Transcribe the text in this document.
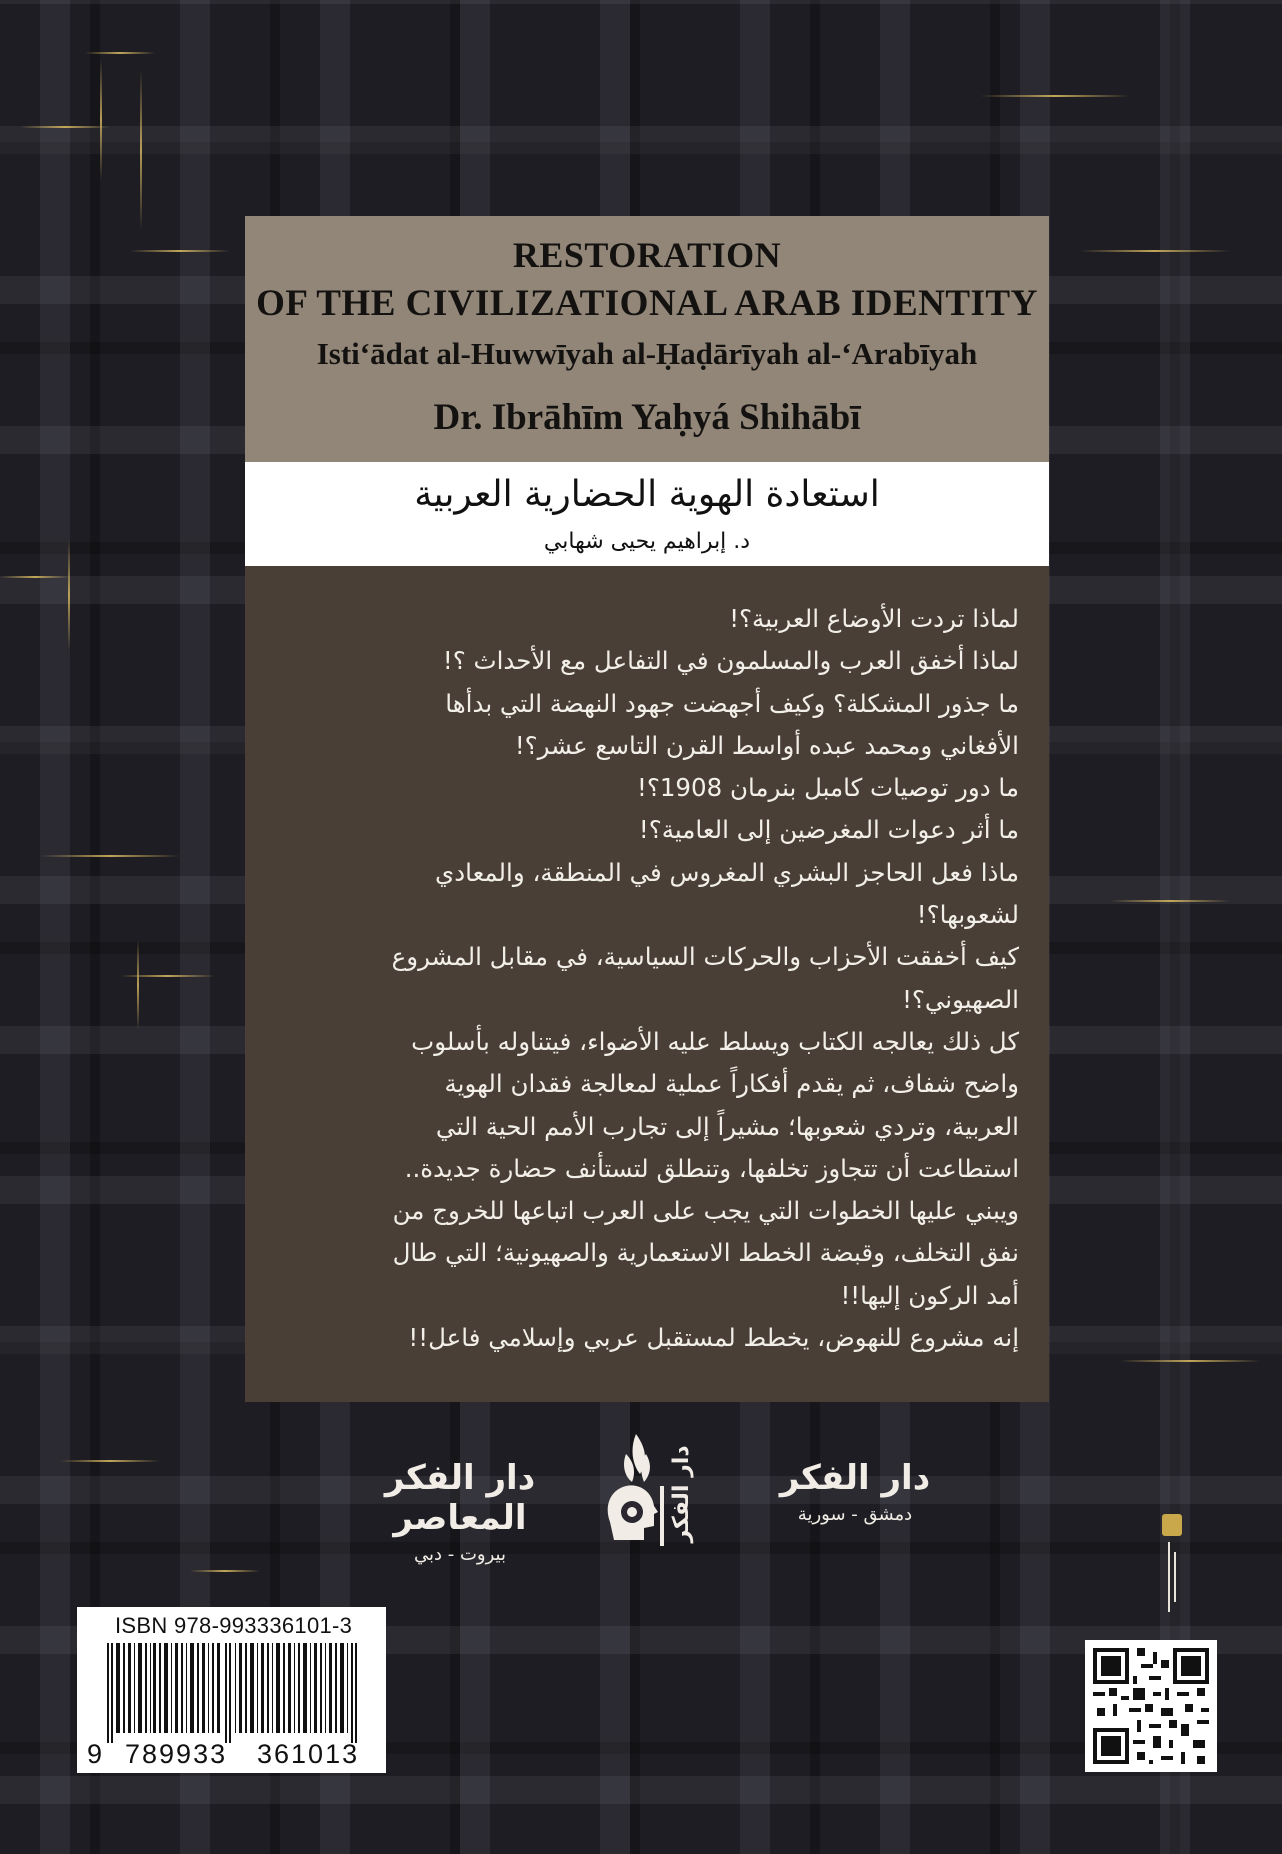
RESTORATION
OF THE CIVILIZATIONAL ARAB IDENTITY
Isti‘ādat al-Huwwīyah al-Ḥaḍārīyah al-‘Arabīyah
Dr. Ibrāhīm Yaḥyá Shihābī
استعادة الهوية الحضارية العربية
د. إبراهيم يحيى شهابي
لماذا تردت الأوضاع العربية؟!
لماذا أخفق العرب والمسلمون في التفاعل مع الأحداث ؟!
ما جذور المشكلة؟ وكيف أجهضت جهود النهضة التي بدأها
الأفغاني ومحمد عبده أواسط القرن التاسع عشر؟!
ما دور توصيات كامبل بنرمان 1908؟!
ما أثر دعوات المغرضين إلى العامية؟!
ماذا فعل الحاجز البشري المغروس في المنطقة، والمعادي
لشعوبها؟!
كيف أخفقت الأحزاب والحركات السياسية، في مقابل المشروع
الصهيوني؟!
كل ذلك يعالجه الكتاب ويسلط عليه الأضواء، فيتناوله بأسلوب
واضح شفاف، ثم يقدم أفكاراً عملية لمعالجة فقدان الهوية
العربية، وتردي شعوبها؛ مشيراً إلى تجارب الأمم الحية التي
استطاعت أن تتجاوز تخلفها، وتنطلق لتستأنف حضارة جديدة..
ويبني عليها الخطوات التي يجب على العرب اتباعها للخروج من
نفق التخلف، وقبضة الخطط الاستعمارية والصهيونية؛ التي طال
أمد الركون إليها!!
إنه مشروع للنهوض، يخطط لمستقبل عربي وإسلامي فاعل!!
دار الفكر المعاصر
بيروت - دبي
دار الفكر	دار الفكر
دمشق - سورية
ISBN 978-993336101-3
9 789933 361013
